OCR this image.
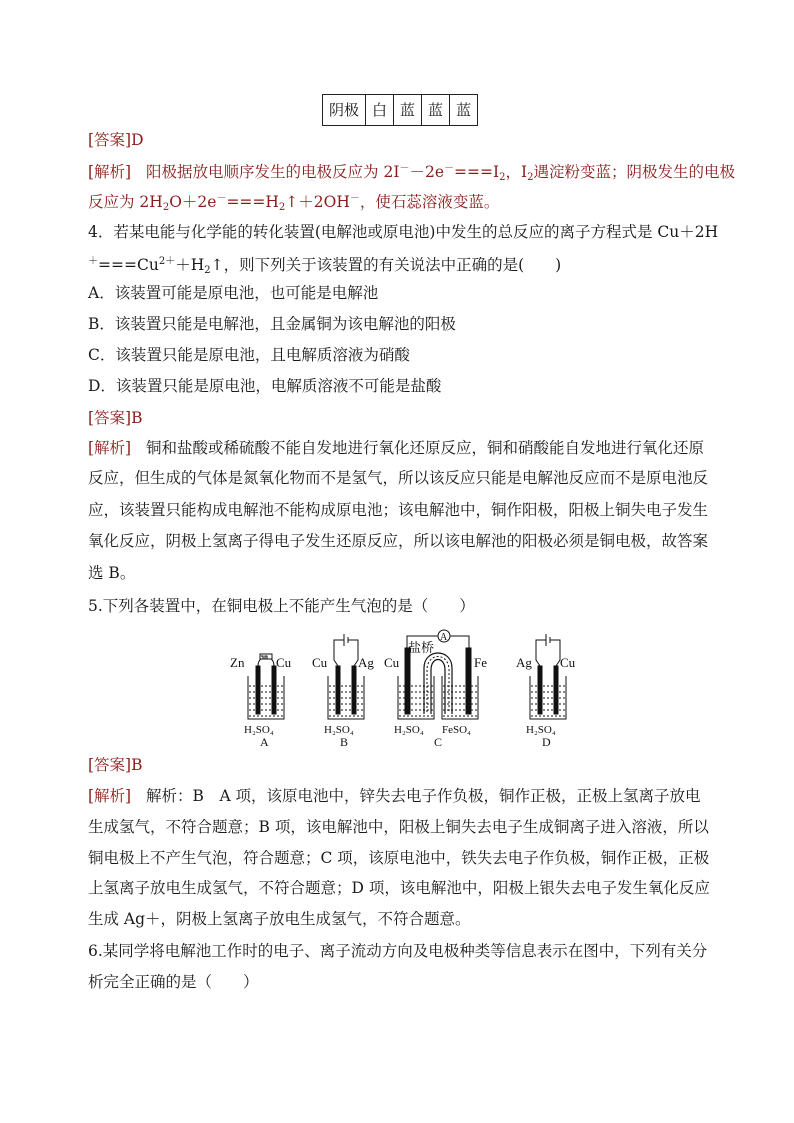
阴极	白	蓝	蓝	蓝
[答案]D
[解析] 阳极据放电顺序发生的电极反应为 $2I^--2e^-===I_2$，$I_2$遇淀粉变蓝；阴极发生的电极
反应为 $2H_2O+2e^-===H_2↑+2OH^-$，使石蕊溶液变蓝。
4．若某电能与化学能的转化装置(电解池或原电池)中发生的总反应的离子方程式是 Cu＋2H
$^+===Cu^{2+}+H_2↑$，则下列关于该装置的有关说法中正确的是(　　)
A．该装置可能是原电池，也可能是电解池
B．该装置只能是电解池，且金属铜为该电解池的阳极
C．该装置只能是原电池，且电解质溶液为硝酸
D．该装置只能是原电池，电解质溶液不可能是盐酸
[答案]B
[解析] 铜和盐酸或稀硫酸不能自发地进行氧化还原反应，铜和硝酸能自发地进行氧化还原
反应，但生成的气体是氮氧化物而不是氢气，所以该反应只能是电解池反应而不是原电池反
应，该装置只能构成电解池不能构成原电池；该电解池中，铜作阳极，阳极上铜失电子发生
氧化反应，阴极上氢离子得电子发生还原反应，所以该电解池的阳极必须是铜电极，故答案
选 B。
5.下列各装置中，在铜电极上不能产生气泡的是（　　）
Zn Cu Cu Ag Cu	Fe
盐桥
A
Ag Cu
H₂SO₄	H₂SO₄	H₂SO₄ FeSO₄	H₂SO₄
A	B	C	D
[答案]B
[解析] 解析：B　A 项，该原电池中，锌失去电子作负极，铜作正极，正极上氢离子放电
生成氢气，不符合题意；B 项，该电解池中，阳极上铜失去电子生成铜离子进入溶液，所以
铜电极上不产生气泡，符合题意；C 项，该原电池中，铁失去电子作负极，铜作正极，正极
上氢离子放电生成氢气，不符合题意；D 项，该电解池中，阳极上银失去电子发生氧化反应
生成 Ag＋，阴极上氢离子放电生成氢气，不符合题意。
6.某同学将电解池工作时的电子、离子流动方向及电极种类等信息表示在图中，下列有关分
析完全正确的是（　　）
